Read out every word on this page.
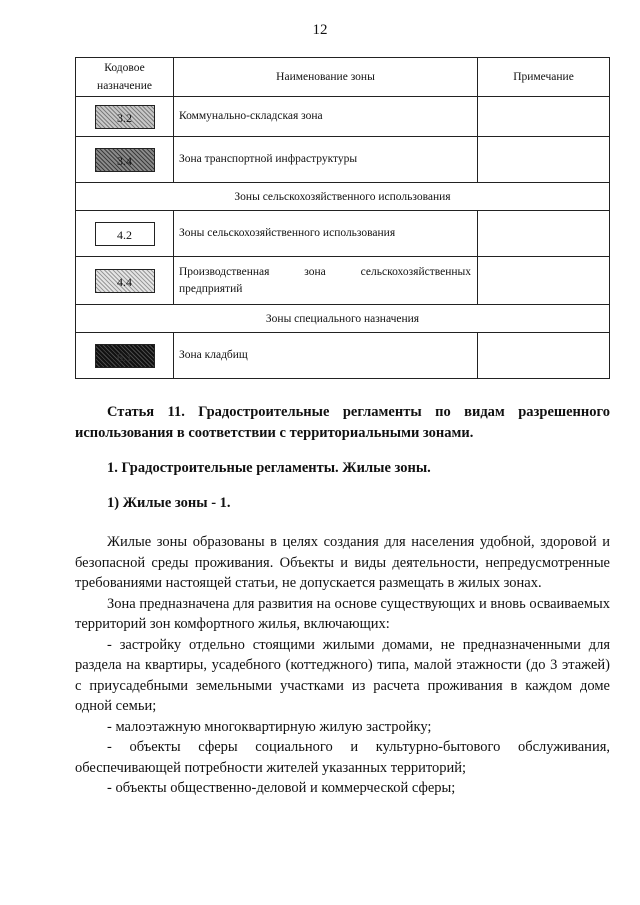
12
Кодовое назначение	Наименование зоны	Примечание
3.2	Коммунально-складская зона	
3.4	Зона транспортной инфраструктуры	
Зоны сельскохозяйственного использования		
4.2	Зоны сельскохозяйственного использования	
4.4	Производственная зона сельскохозяйственных предприятий	
Зоны специального назначения		
6.1	Зона кладбищ	
Статья 11. Градостроительные регламенты по видам разрешенного использования в соответствии с территориальными зонами.
1. Градостроительные регламенты. Жилые зоны.
1) Жилые зоны - 1.

Жилые зоны образованы в целях создания для населения удобной, здоровой и безопасной среды проживания. Объекты и виды деятельности, непредусмотренные требованиями настоящей статьи, не допускается размещать в жилых зонах.

Зона предназначена для развития на основе существующих и вновь осваиваемых территорий зон комфортного жилья, включающих:

- застройку отдельно стоящими жилыми домами, не предназначенными для раздела на квартиры, усадебного (коттеджного) типа, малой этажности (до 3 этажей) с приусадебными земельными участками из расчета проживания в каждом доме одной семьи;

- малоэтажную многоквартирную жилую застройку;

- объекты сферы социального и культурно-бытового обслуживания, обеспечивающей потребности жителей указанных территорий;

- объекты общественно-деловой и коммерческой сферы;
